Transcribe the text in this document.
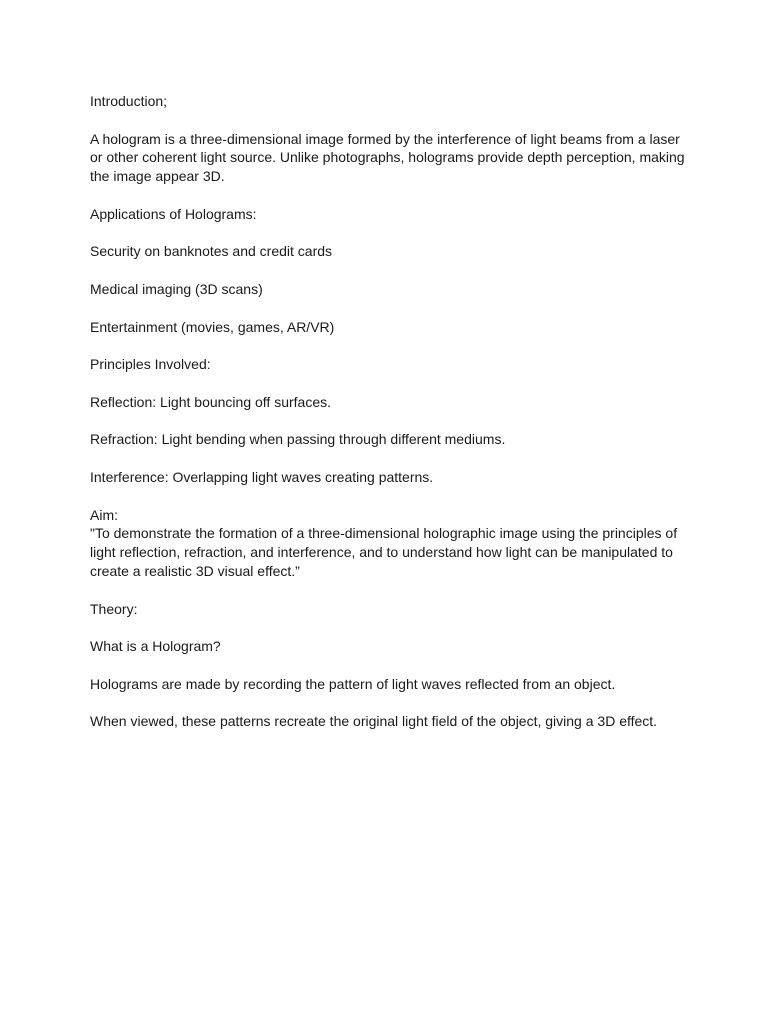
Introduction;

A hologram is a three-dimensional image formed by the interference of light beams from a laser or other coherent light source. Unlike photographs, holograms provide depth perception, making the image appear 3D.

Applications of Holograms:

Security on banknotes and credit cards

Medical imaging (3D scans)

Entertainment (movies, games, AR/VR)

Principles Involved:

Reflection: Light bouncing off surfaces.

Refraction: Light bending when passing through different mediums.

Interference: Overlapping light waves creating patterns.

Aim:

"To demonstrate the formation of a three-dimensional holographic image using the principles of light reflection, refraction, and interference, and to understand how light can be manipulated to create a realistic 3D visual effect.”

Theory:

What is a Hologram?

Holograms are made by recording the pattern of light waves reflected from an object.

When viewed, these patterns recreate the original light field of the object, giving a 3D effect.
